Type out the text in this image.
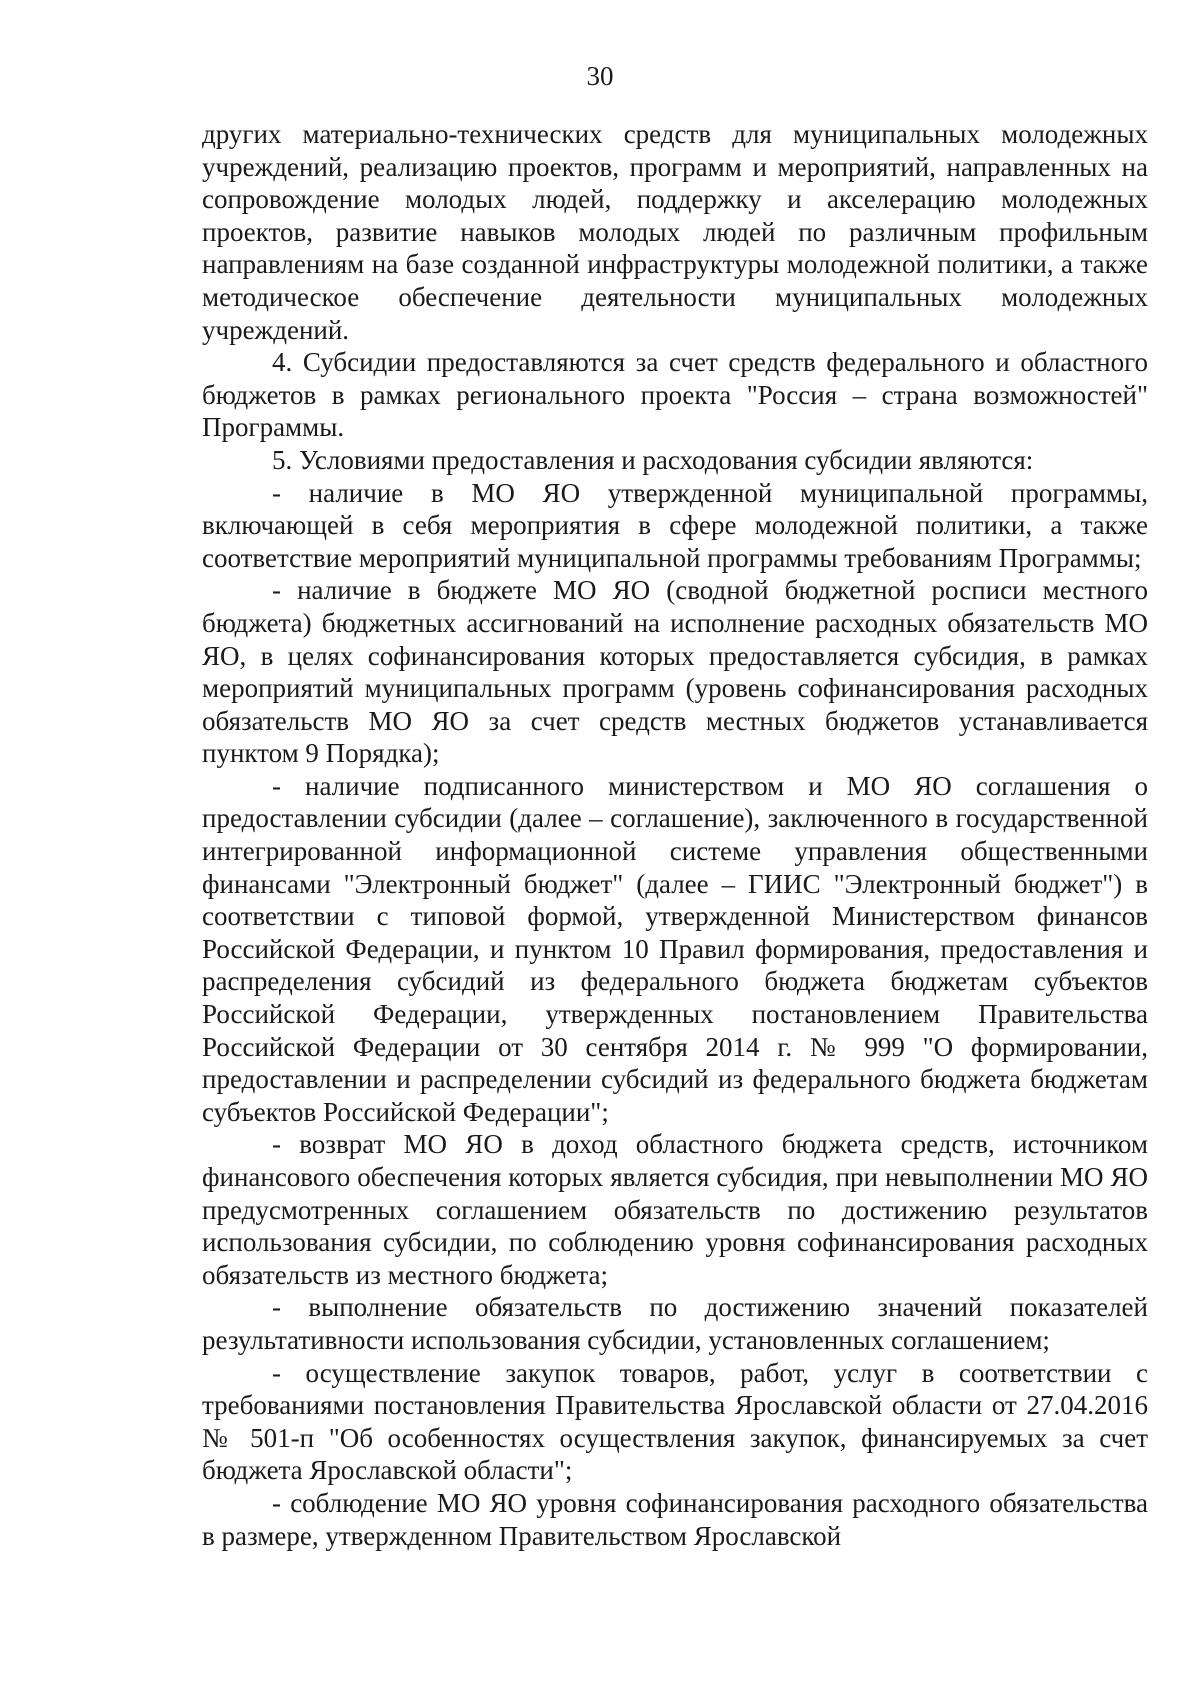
30

других материально-технических средств для муниципальных молодежных учреждений, реализацию проектов, программ и мероприятий, направленных на сопровождение молодых людей, поддержку и акселерацию молодежных проектов, развитие навыков молодых людей по различным профильным направлениям на базе созданной инфраструктуры молодежной политики, а также методическое обеспечение деятельности муниципальных молодежных учреждений.

4. Субсидии предоставляются за счет средств федерального и областного бюджетов в рамках регионального проекта "Россия – страна возможностей" Программы.

5. Условиями предоставления и расходования субсидии являются:

- наличие в МО ЯО утвержденной муниципальной программы, включающей в себя мероприятия в сфере молодежной политики, а также соответствие мероприятий муниципальной программы требованиям Программы;

- наличие в бюджете МО ЯО (сводной бюджетной росписи местного бюджета) бюджетных ассигнований на исполнение расходных обязательств МО ЯО, в целях софинансирования которых предоставляется субсидия, в рамках мероприятий муниципальных программ (уровень софинансирования расходных обязательств МО ЯО за счет средств местных бюджетов устанавливается пунктом 9 Порядка);

- наличие подписанного министерством и МО ЯО соглашения о предоставлении субсидии (далее – соглашение), заключенного в государственной интегрированной информационной системе управления общественными финансами "Электронный бюджет" (далее – ГИИС "Электронный бюджет") в соответствии с типовой формой, утвержденной Министерством финансов Российской Федерации, и пунктом 10 Правил формирования, предоставления и распределения субсидий из федерального бюджета бюджетам субъектов Российской Федерации, утвержденных постановлением Правительства Российской Федерации от 30 сентября 2014 г. № 999 "О формировании, предоставлении и распределении субсидий из федерального бюджета бюджетам субъектов Российской Федерации";

- возврат МО ЯО в доход областного бюджета средств, источником финансового обеспечения которых является субсидия, при невыполнении МО ЯО предусмотренных соглашением обязательств по достижению результатов использования субсидии, по соблюдению уровня софинансирования расходных обязательств из местного бюджета;

- выполнение обязательств по достижению значений показателей результативности использования субсидии, установленных соглашением;

- осуществление закупок товаров, работ, услуг в соответствии с требованиями постановления Правительства Ярославской области от 27.04.2016 № 501-п "Об особенностях осуществления закупок, финансируемых за счет бюджета Ярославской области";

- соблюдение МО ЯО уровня софинансирования расходного обязательства в размере, утвержденном Правительством Ярославской
